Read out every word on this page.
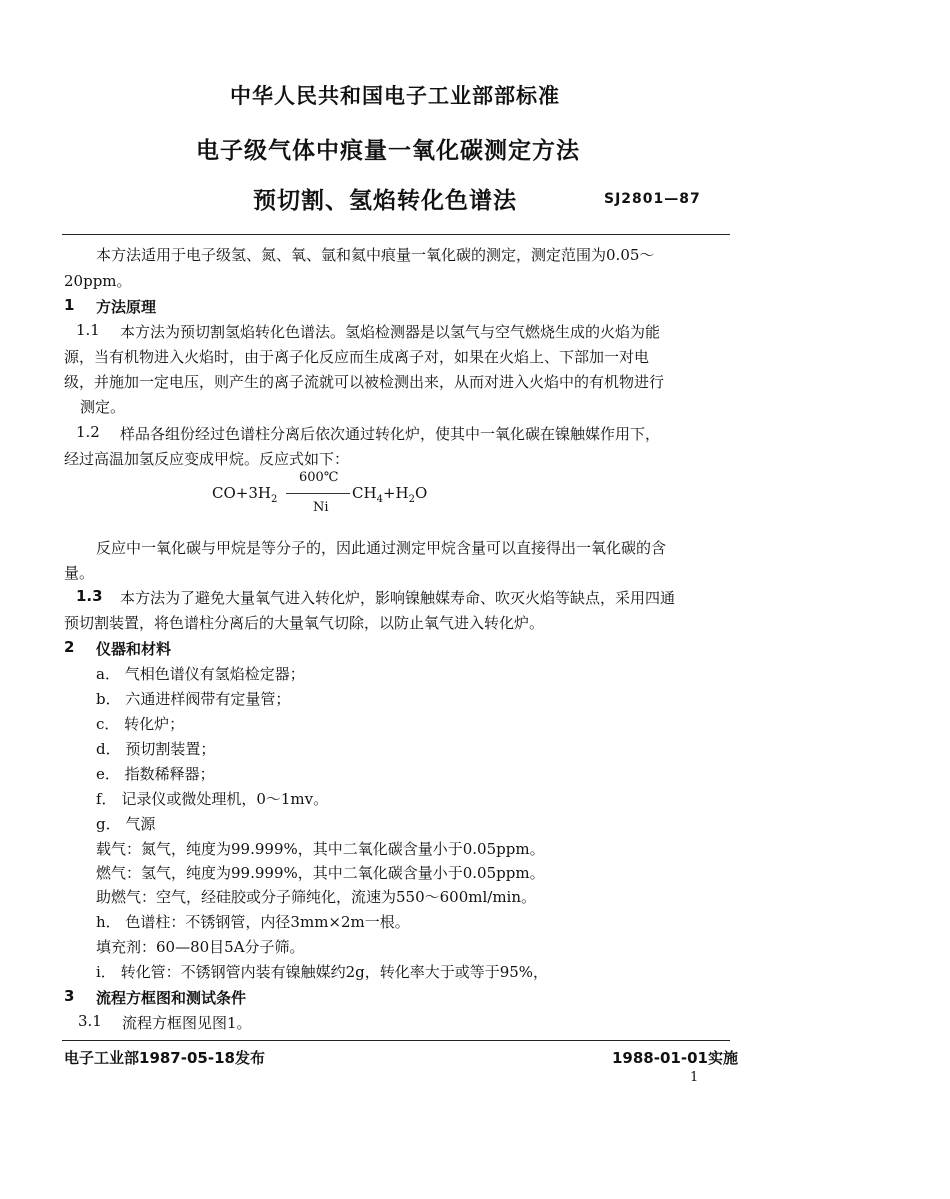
中华人民共和国电子工业部部标准
电子级气体中痕量一氧化碳测定方法
预切割、氢焰转化色谱法	SJ2801—87
本方法适用于电子级氢、氮、氧、氩和氦中痕量一氧化碳的测定，测定范围为0.05～
20ppm。
1 方法原理
1.1 本方法为预切割氢焰转化色谱法。氢焰检测器是以氢气与空气燃烧生成的火焰为能
源，当有机物进入火焰时，由于离子化反应而生成离子对，如果在火焰上、下部加一对电
级，并施加一定电压，则产生的离子流就可以被检测出来，从而对进入火焰中的有机物进行
测定。
1.2 样品各组份经过色谱柱分离后依次通过转化炉，使其中一氧化碳在镍触媒作用下，
经过高温加氢反应变成甲烷。反应式如下：
$CO+3H_2$
600℃
Ni
$CH_4+H_2O$
反应中一氧化碳与甲烷是等分子的，因此通过测定甲烷含量可以直接得出一氧化碳的含
量。
1.3 本方法为了避免大量氧气进入转化炉，影响镍触媒寿命、吹灭火焰等缺点，采用四通
预切割装置，将色谱柱分离后的大量氧气切除，以防止氧气进入转化炉。
2 仪器和材料
a． 气相色谱仪有氢焰检定器；
b． 六通进样阀带有定量管；
c． 转化炉；
d． 预切割装置；
e． 指数稀释器；
f． 记录仪或微处理机，0～1mv。
g． 气源
载气：氮气，纯度为99.999%，其中二氧化碳含量小于0.05ppm。
燃气：氢气，纯度为99.999%，其中二氧化碳含量小于0.05ppm。
助燃气：空气，经硅胶或分子筛纯化，流速为550～600ml/min。
h． 色谱柱：不锈钢管，内径3mm×2m一根。
填充剂：60—80目5A分子筛。
i． 转化管：不锈钢管内装有镍触媒约2g，转化率大于或等于95%，
3 流程方框图和测试条件
3.1 流程方框图见图1。
电子工业部1987-05-18发布	1988-01-01实施
1
